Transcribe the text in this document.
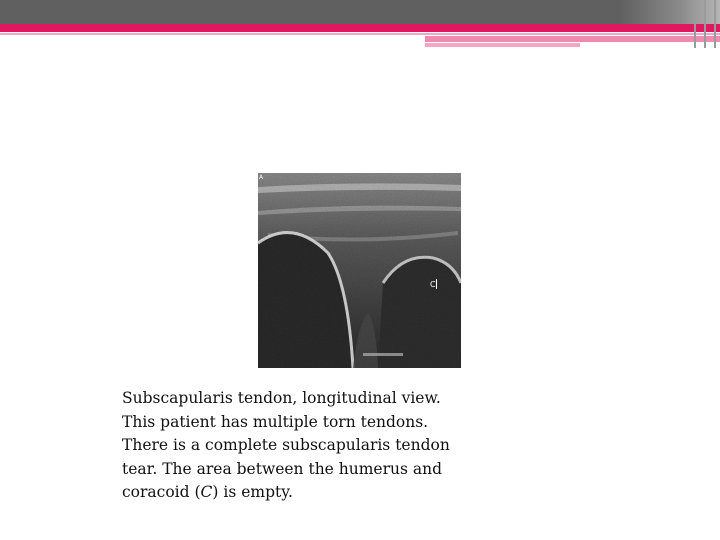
A
C

Subscapularis tendon, longitudinal view.
This patient has multiple torn tendons.
There is a complete subscapularis tendon
tear. The area between the humerus and
coracoid (C) is empty.
